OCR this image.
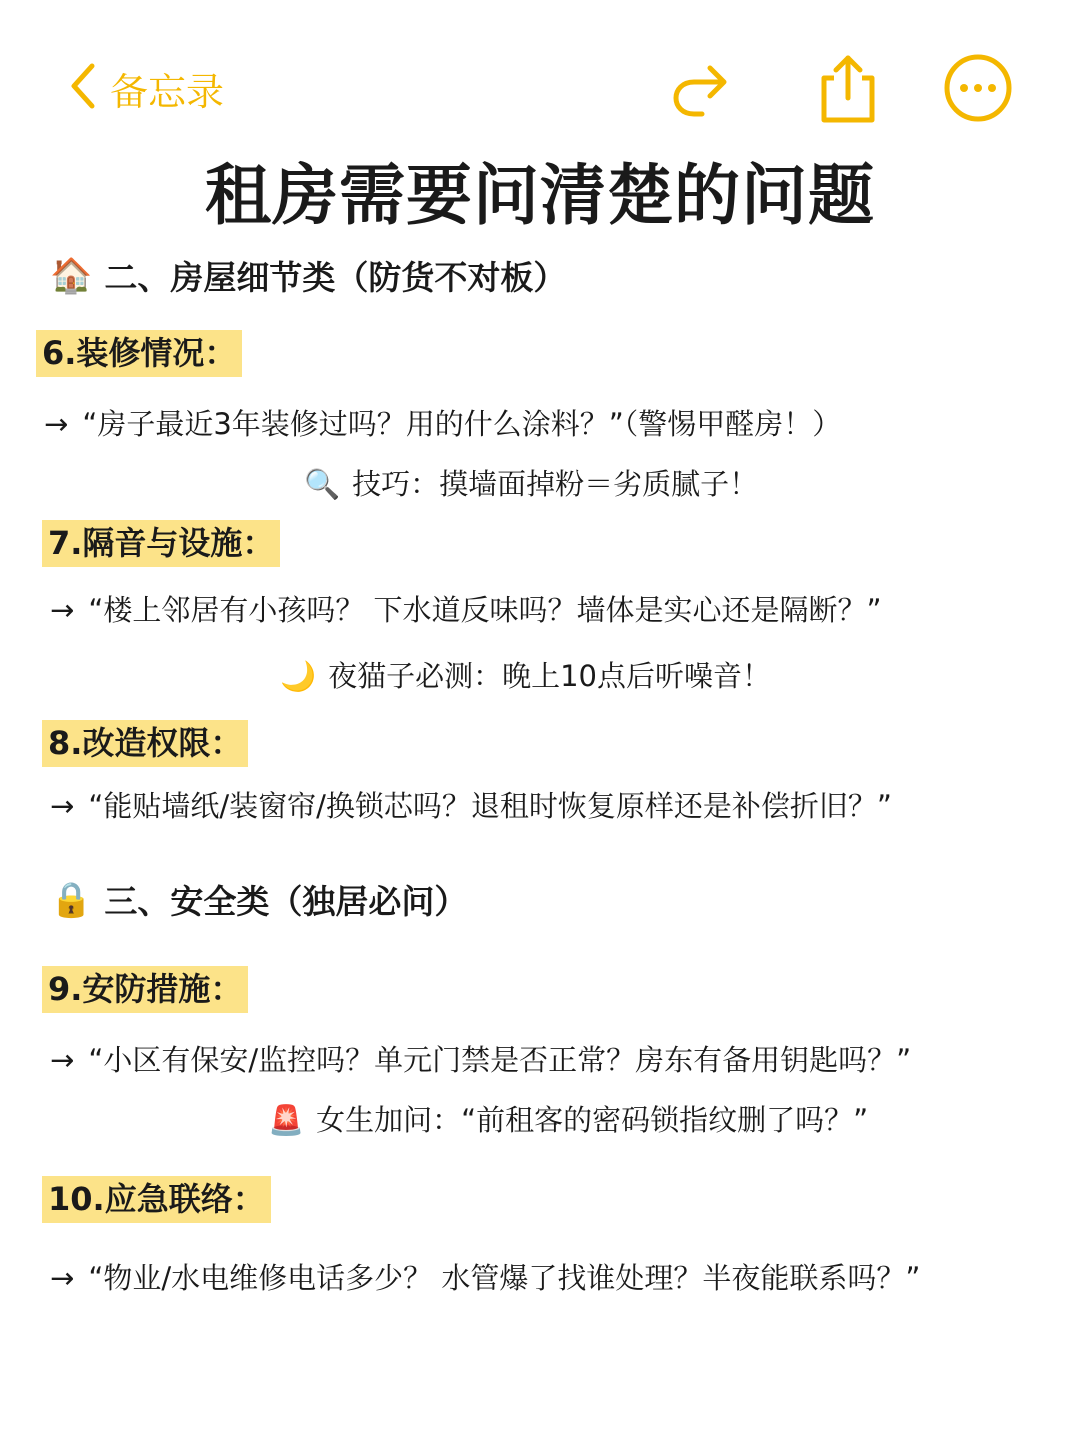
备忘录
租房需要问清楚的问题
🏠 二、房屋细节类（防货不对板）
6.装修情况：
→ “房子最近3年装修过吗？用的什么涂料？”（警惕甲醛房！）
🔍 技巧：摸墙面掉粉＝劣质腻子！
7.隔音与设施：
→ “楼上邻居有小孩吗？ 下水道反味吗？墙体是实心还是隔断？”
🌙 夜猫子必测：晚上10点后听噪音！
8.改造权限：
→ “能贴墙纸/装窗帘/换锁芯吗？退租时恢复原样还是补偿折旧？”
🔒 三、安全类（独居必问）
9.安防措施：
→ “小区有保安/监控吗？单元门禁是否正常？房东有备用钥匙吗？”
🚨 女生加问：“前租客的密码锁指纹删了吗？”
10.应急联络：
→ “物业/水电维修电话多少？ 水管爆了找谁处理？半夜能联系吗？”
